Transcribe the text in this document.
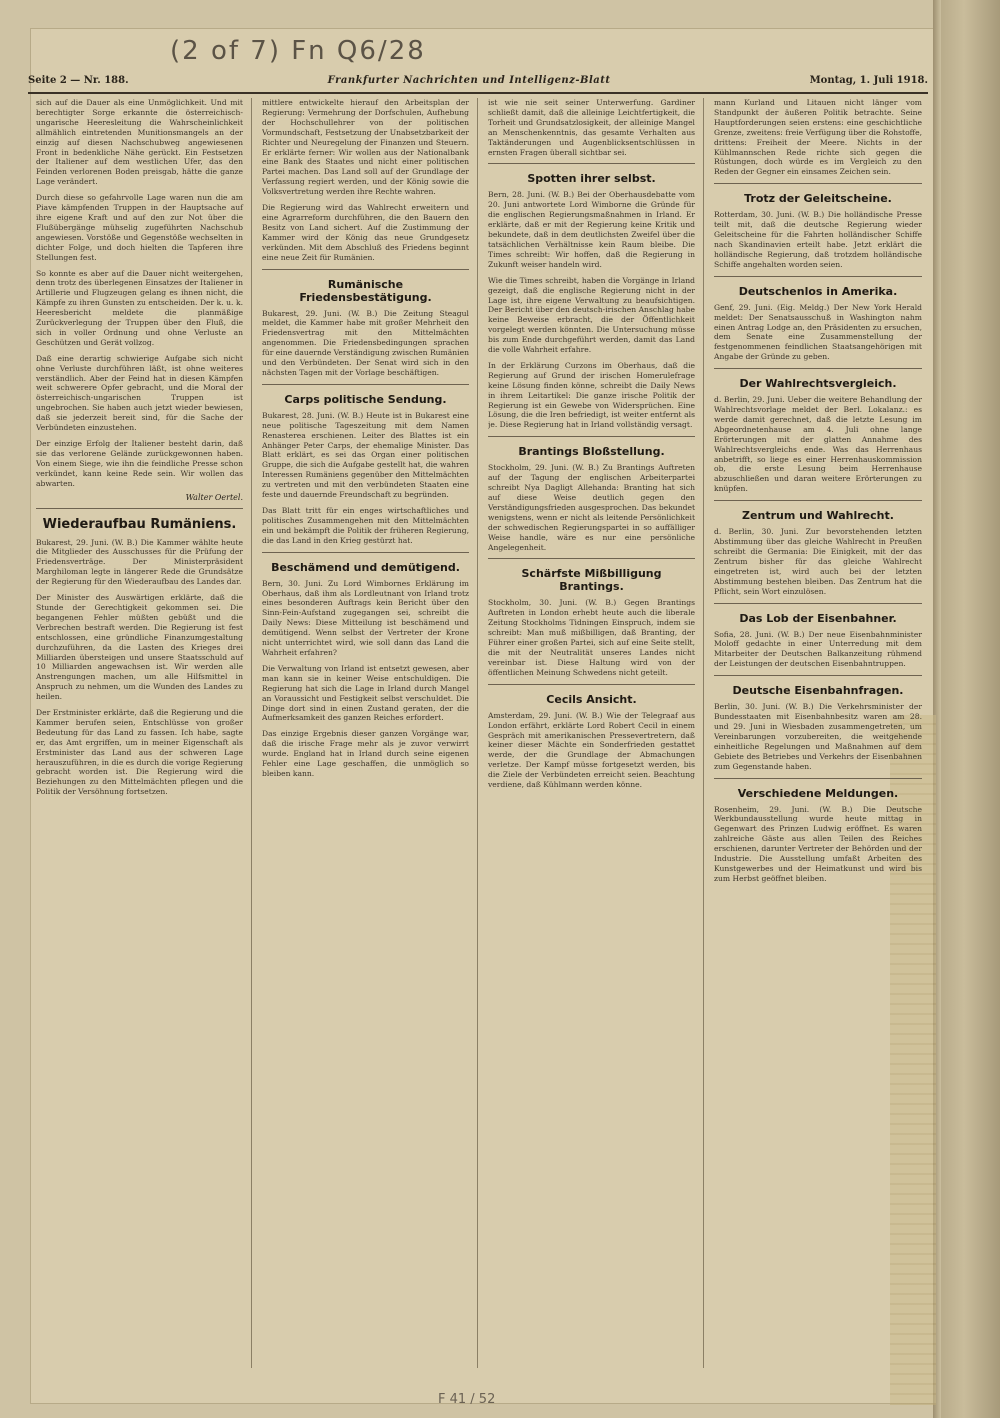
(2 of 7) Fn Q6/28
Seite 2 — Nr. 188.	Frankfurter Nachrichten und Intelligenz-Blatt	Montag, 1. Juli 1918.

sich auf die Dauer als eine Unmöglichkeit. Und mit berechtigter Sorge erkannte die österreichisch-ungarische Heeresleitung die Wahrscheinlichkeit allmählich eintretenden Munitionsmangels an der einzig auf diesen Nachschubweg angewiesenen Front in bedenkliche Nähe gerückt. Ein Festsetzen der Italiener auf dem westlichen Ufer, das den Feinden verlorenen Boden preisgab, hätte die ganze Lage verändert.

Durch diese so gefahrvolle Lage waren nun die am Piave kämpfenden Truppen in der Hauptsache auf ihre eigene Kraft und auf den zur Not über die Flußübergänge mühselig zugeführten Nachschub angewiesen. Vorstöße und Gegenstöße wechselten in dichter Folge, und doch hielten die Tapferen ihre Stellungen fest.

So konnte es aber auf die Dauer nicht weitergehen, denn trotz des überlegenen Einsatzes der Italiener in Artillerie und Flugzeugen gelang es ihnen nicht, die Kämpfe zu ihren Gunsten zu entscheiden. Der k. u. k. Heeresbericht meldete die planmäßige Zurückverlegung der Truppen über den Fluß, die sich in voller Ordnung und ohne Verluste an Geschützen und Gerät vollzog.

Daß eine derartig schwierige Aufgabe sich nicht ohne Verluste durchführen läßt, ist ohne weiteres verständlich. Aber der Feind hat in diesen Kämpfen weit schwerere Opfer gebracht, und die Moral der österreichisch-ungarischen Truppen ist ungebrochen. Sie haben auch jetzt wieder bewiesen, daß sie jederzeit bereit sind, für die Sache der Verbündeten einzustehen.

Der einzige Erfolg der Italiener besteht darin, daß sie das verlorene Gelände zurückgewonnen haben. Von einem Siege, wie ihn die feindliche Presse schon verkündet, kann keine Rede sein. Wir wollen das abwarten.

Walter Oertel.
Wiederaufbau Rumäniens.

Bukarest, 29. Juni. (W. B.) Die Kammer wählte heute die Mitglieder des Ausschusses für die Prüfung der Friedensverträge. Der Ministerpräsident Marghiloman legte in längerer Rede die Grundsätze der Regierung für den Wiederaufbau des Landes dar.

Der Minister des Auswärtigen erklärte, daß die Stunde der Gerechtigkeit gekommen sei. Die begangenen Fehler müßten gebüßt und die Verbrechen bestraft werden. Die Regierung ist fest entschlossen, eine gründliche Finanzumgestaltung durchzuführen, da die Lasten des Krieges drei Milliarden übersteigen und unsere Staatsschuld auf 10 Milliarden angewachsen ist. Wir werden alle Anstrengungen machen, um alle Hilfsmittel in Anspruch zu nehmen, um die Wunden des Landes zu heilen.

Der Erstminister erklärte, daß die Regierung und die Kammer berufen seien, Entschlüsse von großer Bedeutung für das Land zu fassen. Ich habe, sagte er, das Amt ergriffen, um in meiner Eigenschaft als Erstminister das Land aus der schweren Lage herauszuführen, in die es durch die vorige Regierung gebracht worden ist. Die Regierung wird die Beziehungen zu den Mittelmächten pflegen und die Politik der Versöhnung fortsetzen.

mittlere entwickelte hierauf den Arbeitsplan der Regierung: Vermehrung der Dorfschulen, Aufhebung der Hochschullehrer von der politischen Vormundschaft, Festsetzung der Unabsetzbarkeit der Richter und Neuregelung der Finanzen und Steuern. Er erklärte ferner: Wir wollen aus der Nationalbank eine Bank des Staates und nicht einer politischen Partei machen. Das Land soll auf der Grundlage der Verfassung regiert werden, und der König sowie die Volksvertretung werden ihre Rechte wahren.

Die Regierung wird das Wahlrecht erweitern und eine Agrarreform durchführen, die den Bauern den Besitz von Land sichert. Auf die Zustimmung der Kammer wird der König das neue Grundgesetz verkünden. Mit dem Abschluß des Friedens beginnt eine neue Zeit für Rumänien.

Rumänische Friedensbestätigung.

Bukarest, 29. Juni. (W. B.) Die Zeitung Steagul meldet, die Kammer habe mit großer Mehrheit den Friedensvertrag mit den Mittelmächten angenommen. Die Friedensbedingungen sprachen für eine dauernde Verständigung zwischen Rumänien und den Verbündeten. Der Senat wird sich in den nächsten Tagen mit der Vorlage beschäftigen.

Carps politische Sendung.

Bukarest, 28. Juni. (W. B.) Heute ist in Bukarest eine neue politische Tageszeitung mit dem Namen Renasterea erschienen. Leiter des Blattes ist ein Anhänger Peter Carps, der ehemalige Minister. Das Blatt erklärt, es sei das Organ einer politischen Gruppe, die sich die Aufgabe gestellt hat, die wahren Interessen Rumäniens gegenüber den Mittelmächten zu vertreten und mit den verbündeten Staaten eine feste und dauernde Freundschaft zu begründen.

Das Blatt tritt für ein enges wirtschaftliches und politisches Zusammengehen mit den Mittelmächten ein und bekämpft die Politik der früheren Regierung, die das Land in den Krieg gestürzt hat.

Beschämend und demütigend.

Bern, 30. Juni. Zu Lord Wimbornes Erklärung im Oberhaus, daß ihm als Lordleutnant von Irland trotz eines besonderen Auftrags kein Bericht über den Sinn-Fein-Aufstand zugegangen sei, schreibt die Daily News: Diese Mitteilung ist beschämend und demütigend. Wenn selbst der Vertreter der Krone nicht unterrichtet wird, wie soll dann das Land die Wahrheit erfahren?

Die Verwaltung von Irland ist entsetzt gewesen, aber man kann sie in keiner Weise entschuldigen. Die Regierung hat sich die Lage in Irland durch Mangel an Voraussicht und Festigkeit selbst verschuldet. Die Dinge dort sind in einen Zustand geraten, der die Aufmerksamkeit des ganzen Reiches erfordert.

Das einzige Ergebnis dieser ganzen Vorgänge war, daß die irische Frage mehr als je zuvor verwirrt wurde. England hat in Irland durch seine eigenen Fehler eine Lage geschaffen, die unmöglich so bleiben kann.

ist wie nie seit seiner Unterwerfung. Gardiner schließt damit, daß die alleinige Leichtfertigkeit, die Torheit und Grundsatzlosigkeit, der alleinige Mangel an Menschenkenntnis, das gesamte Verhalten aus Taktänderungen und Augenblicksentschlüssen in ernsten Fragen überall sichtbar sei.

Spotten ihrer selbst.

Bern, 28. Juni. (W. B.) Bei der Oberhausdebatte vom 20. Juni antwortete Lord Wimborne die Gründe für die englischen Regierungsmaßnahmen in Irland. Er erklärte, daß er mit der Regierung keine Kritik und bekundete, daß in dem deutlichsten Zweifel über die tatsächlichen Verhältnisse kein Raum bleibe. Die Times schreibt: Wir hoffen, daß die Regierung in Zukunft weiser handeln wird.

Wie die Times schreibt, haben die Vorgänge in Irland gezeigt, daß die englische Regierung nicht in der Lage ist, ihre eigene Verwaltung zu beaufsichtigen. Der Bericht über den deutsch-irischen Anschlag habe keine Beweise erbracht, die der Öffentlichkeit vorgelegt werden könnten. Die Untersuchung müsse bis zum Ende durchgeführt werden, damit das Land die volle Wahrheit erfahre.

In der Erklärung Curzons im Oberhaus, daß die Regierung auf Grund der irischen Homerulefrage keine Lösung finden könne, schreibt die Daily News in ihrem Leitartikel: Die ganze irische Politik der Regierung ist ein Gewebe von Widersprüchen. Eine Lösung, die die Iren befriedigt, ist weiter entfernt als je. Diese Regierung hat in Irland vollständig versagt.

Brantings Bloßstellung.

Stockholm, 29. Juni. (W. B.) Zu Brantings Auftreten auf der Tagung der englischen Arbeiterpartei schreibt Nya Dagligt Allehanda: Branting hat sich auf diese Weise deutlich gegen den Verständigungsfrieden ausgesprochen. Das bekundet wenigstens, wenn er nicht als leitende Persönlichkeit der schwedischen Regierungspartei in so auffälliger Weise handle, wäre es nur eine persönliche Angelegenheit.

Schärfste Mißbilligung Brantings.

Stockholm, 30. Juni. (W. B.) Gegen Brantings Auftreten in London erhebt heute auch die liberale Zeitung Stockholms Tidningen Einspruch, indem sie schreibt: Man muß mißbilligen, daß Branting, der Führer einer großen Partei, sich auf eine Seite stellt, die mit der Neutralität unseres Landes nicht vereinbar ist. Diese Haltung wird von der öffentlichen Meinung Schwedens nicht geteilt.

Cecils Ansicht.

Amsterdam, 29. Juni. (W. B.) Wie der Telegraaf aus London erfährt, erklärte Lord Robert Cecil in einem Gespräch mit amerikanischen Pressevertretern, daß keiner dieser Mächte ein Sonderfrieden gestattet werde, der die Grundlage der Abmachungen verletze. Der Kampf müsse fortgesetzt werden, bis die Ziele der Verbündeten erreicht seien. Beachtung verdiene, daß Kühlmann werden könne.

mann Kurland und Litauen nicht länger vom Standpunkt der äußeren Politik betrachte. Seine Hauptforderungen seien erstens: eine geschichtliche Grenze, zweitens: freie Verfügung über die Rohstoffe, drittens: Freiheit der Meere. Nichts in der Kühlmannschen Rede richte sich gegen die Rüstungen, doch würde es im Vergleich zu den Reden der Gegner ein einsames Zeichen sein.

Trotz der Geleitscheine.

Rotterdam, 30. Juni. (W. B.) Die holländische Presse teilt mit, daß die deutsche Regierung wieder Geleitscheine für die Fahrten holländischer Schiffe nach Skandinavien erteilt habe. Jetzt erklärt die holländische Regierung, daß trotzdem holländische Schiffe angehalten worden seien.

Deutschenlos in Amerika.

Genf, 29. Juni. (Eig. Meldg.) Der New York Herald meldet: Der Senatsausschuß in Washington nahm einen Antrag Lodge an, den Präsidenten zu ersuchen, dem Senate eine Zusammenstellung der festgenommenen feindlichen Staatsangehörigen mit Angabe der Gründe zu geben.

Der Wahlrechtsvergleich.

d. Berlin, 29. Juni. Ueber die weitere Behandlung der Wahlrechtsvorlage meldet der Berl. Lokalanz.: es werde damit gerechnet, daß die letzte Lesung im Abgeordnetenhause am 4. Juli ohne lange Erörterungen mit der glatten Annahme des Wahlrechtsvergleichs ende. Was das Herrenhaus anbetrifft, so liege es einer Herrenhauskommission ob, die erste Lesung beim Herrenhause abzuschließen und daran weitere Erörterungen zu knüpfen.

Zentrum und Wahlrecht.

d. Berlin, 30. Juni. Zur bevorstehenden letzten Abstimmung über das gleiche Wahlrecht in Preußen schreibt die Germania: Die Einigkeit, mit der das Zentrum bisher für das gleiche Wahlrecht eingetreten ist, wird auch bei der letzten Abstimmung bestehen bleiben. Das Zentrum hat die Pflicht, sein Wort einzulösen.

Das Lob der Eisenbahner.

Sofia, 28. Juni. (W. B.) Der neue Eisenbahnminister Moloff gedachte in einer Unterredung mit dem Mitarbeiter der Deutschen Balkanzeitung rühmend der Leistungen der deutschen Eisenbahntruppen.

Deutsche Eisenbahnfragen.

Berlin, 30. Juni. (W. B.) Die Verkehrsminister der Bundesstaaten mit Eisenbahnbesitz waren am 28. und 29. Juni in Wiesbaden zusammengetreten, um Vereinbarungen vorzubereiten, die weitgehende einheitliche Regelungen und Maßnahmen auf dem Gebiete des Betriebes und Verkehrs der Eisenbahnen zum Gegenstande haben.

Verschiedene Meldungen.

Rosenheim, 29. Juni. (W. B.) Die Deutsche Werkbundausstellung wurde heute mittag in Gegenwart des Prinzen Ludwig eröffnet. Es waren zahlreiche Gäste aus allen Teilen des Reiches erschienen, darunter Vertreter der Behörden und der Industrie. Die Ausstellung umfaßt Arbeiten des Kunstgewerbes und der Heimatkunst und wird bis zum Herbst geöffnet bleiben.

F 41 / 52
